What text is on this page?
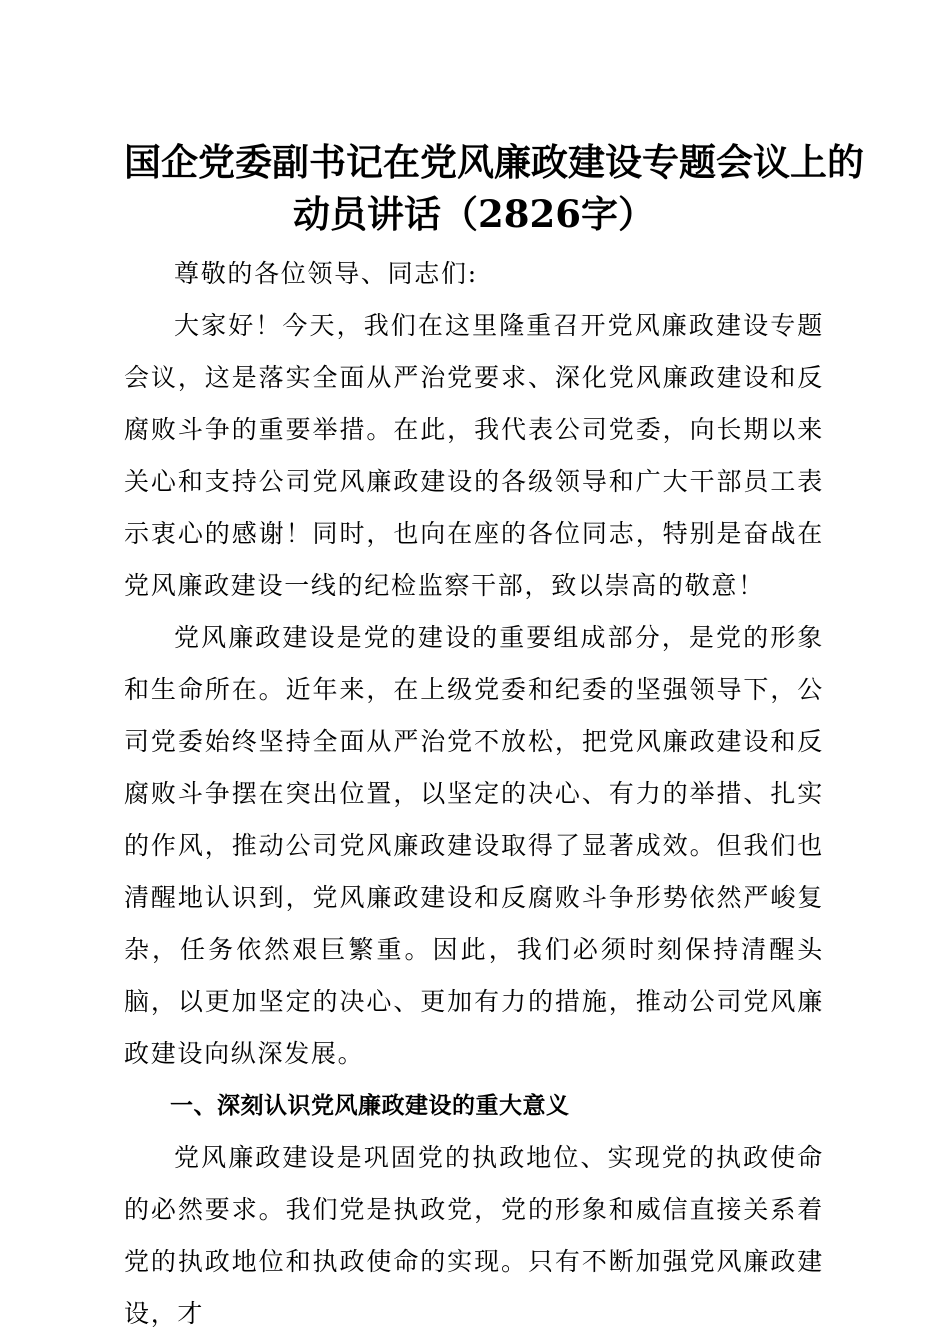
国企党委副书记在党风廉政建设专题会议上的
动员讲话（2826字）

尊敬的各位领导、同志们:

大家好！今天，我们在这里隆重召开党风廉政建设专题会议，这是落实全面从严治党要求、深化党风廉政建设和反腐败斗争的重要举措。在此，我代表公司党委，向长期以来关心和支持公司党风廉政建设的各级领导和广大干部员工表示衷心的感谢！同时，也向在座的各位同志，特别是奋战在党风廉政建设一线的纪检监察干部，致以崇高的敬意！

党风廉政建设是党的建设的重要组成部分，是党的形象和生命所在。近年来，在上级党委和纪委的坚强领导下，公司党委始终坚持全面从严治党不放松，把党风廉政建设和反腐败斗争摆在突出位置，以坚定的决心、有力的举措、扎实的作风，推动公司党风廉政建设取得了显著成效。但我们也清醒地认识到，党风廉政建设和反腐败斗争形势依然严峻复杂，任务依然艰巨繁重。因此，我们必须时刻保持清醒头脑，以更加坚定的决心、更加有力的措施，推动公司党风廉政建设向纵深发展。

一、深刻认识党风廉政建设的重大意义

党风廉政建设是巩固党的执政地位、实现党的执政使命的必然要求。我们党是执政党，党的形象和威信直接关系着党的执政地位和执政使命的实现。只有不断加强党风廉政建设，才
